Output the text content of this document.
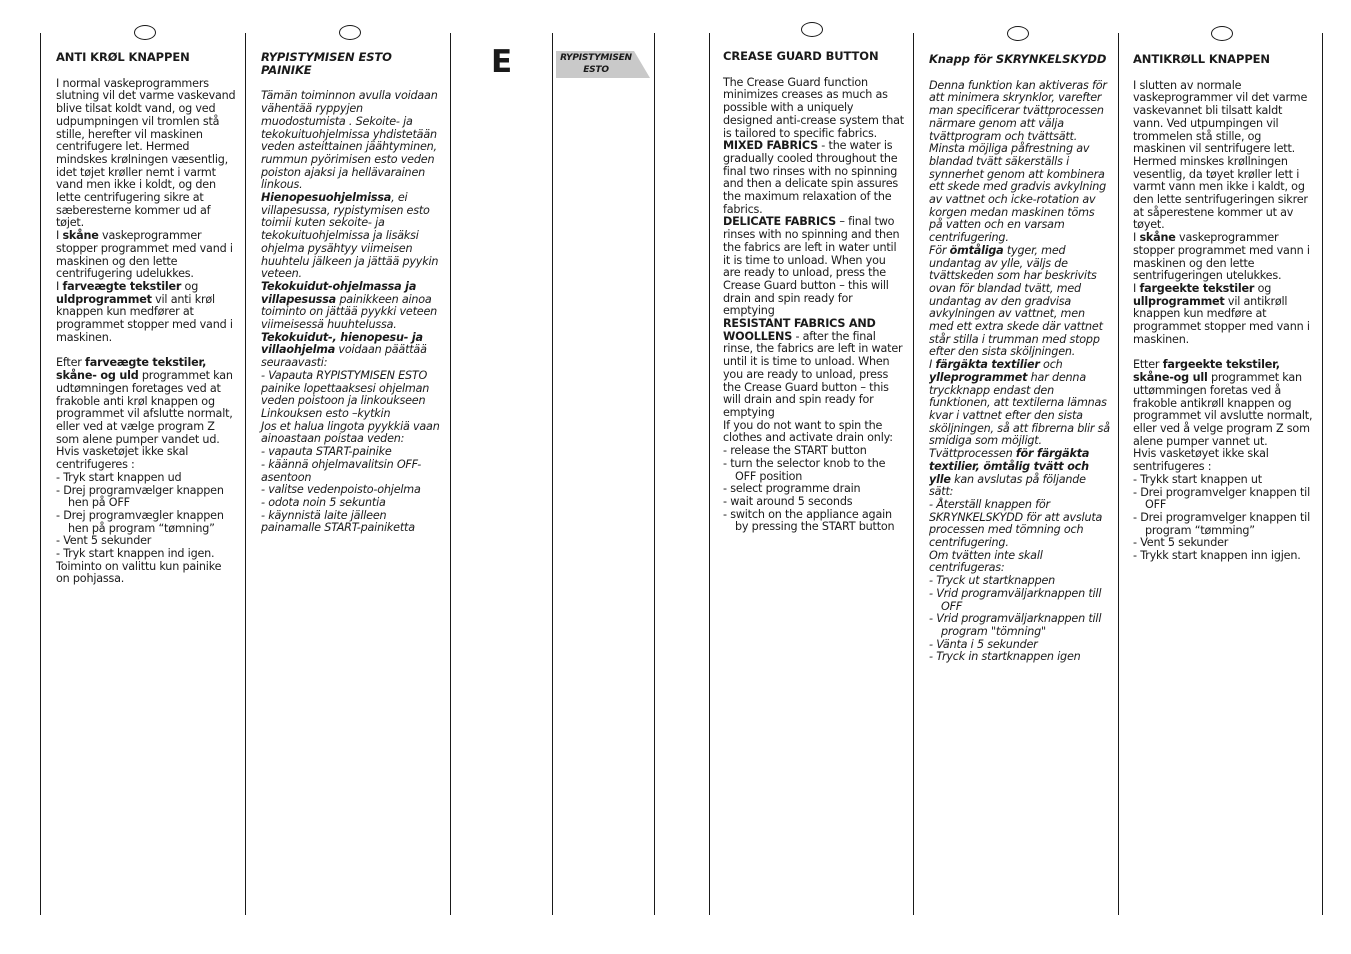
E	RYPISTYMISEN
ESTO

ANTI KRØL KNAPPEN

I normal vaskeprogrammers slutning vil det varme vaskevand blive tilsat koldt vand, og ved udpumpningen vil tromlen stå stille, herefter vil maskinen centrifugere let. Hermed mindskes krølningen væsentlig, idet tøjet krøller nemt i varmt vand men ikke i koldt, og den lette centrifugering sikre at sæberesterne kommer ud af tøjet.

I skåne vaskeprogrammer stopper programmet med vand i maskinen og den lette centrifugering udelukkes.

I farveægte tekstiler og uldprogrammet vil anti krøl knappen kun medfører at programmet stopper med vand i maskinen.

Efter farveægte tekstiler, skåne- og uld programmet kan udtømningen foretages ved at frakoble anti krøl knappen og programmet vil afslutte normalt, eller ved at vælge program Z som alene pumper vandet ud.

Hvis vasketøjet ikke skal centrifugeres :

- Tryk start knappen ud
- Drej programvælger knappen hen på OFF
- Drej programvægler knappen hen på program “tømning”
- Vent 5 sekunder
- Tryk start knappen ind igen.

Toiminto on valittu kun painike on pohjassa.

RYPISTYMISEN ESTO PAINIKE

Tämän toiminnon avulla voidaan vähentää ryppyjen muodostumista . Sekoite- ja tekokuituohjelmissa yhdistetään veden asteittainen jäähtyminen, rummun pyörimisen esto veden poiston ajaksi ja hellävarainen linkous.

Hienopesuohjelmissa, ei villapesussa, rypistymisen esto toimii kuten sekoite- ja tekokuituohjelmissa ja lisäksi ohjelma pysähtyy viimeisen huuhtelu jälkeen ja jättää pyykin veteen.

Tekokuidut-ohjelmassa ja villapesussa painikkeen ainoa toiminto on jättää pyykki veteen viimeisessä huuhtelussa.

Tekokuidut-, hienopesu- ja villaohjelma voidaan päättää seuraavasti:

- Vapauta RYPISTYMISEN ESTO painike lopettaaksesi ohjelman veden poistoon ja linkoukseen
Linkouksen esto –kytkin
Jos et halua lingota pyykkiä vaan ainoastaan poistaa veden:
- vapauta START-painike
- käännä ohjelmavalitsin OFF-asentoon
- valitse vedenpoisto-ohjelma
- odota noin 5 sekuntia
- käynnistä laite jälleen painamalle START-painiketta

CREASE GUARD BUTTON

The Crease Guard function minimizes creases as much as possible with a uniquely designed anti-crease system that is tailored to specific fabrics.

MIXED FABRICS - the water is gradually cooled throughout the final two rinses with no spinning and then a delicate spin assures the maximum relaxation of the fabrics.

DELICATE FABRICS – final two rinses with no spinning and then the fabrics are left in water until it is time to unload. When you are ready to unload, press the Crease Guard button – this will drain and spin ready for emptying

RESISTANT FABRICS AND WOOLLENS - after the final rinse, the fabrics are left in water until it is time to unload. When you are ready to unload, press the Crease Guard button – this will drain and spin ready for emptying

If you do not want to spin the clothes and activate drain only:

- release the START button
- turn the selector knob to the OFF position
- select programme drain
- wait around 5 seconds
- switch on the appliance again by pressing the START button

Knapp för SKRYNKELSKYDD

Denna funktion kan aktiveras för att minimera skrynklor, varefter man specificerar tvättprocessen närmare genom att välja tvättprogram och tvättsätt. Minsta möjliga påfrestning av blandad tvätt säkerställs i synnerhet genom att kombinera ett skede med gradvis avkylning av vattnet och icke-rotation av korgen medan maskinen töms på vatten och en varsam centrifugering.

För ömtåliga tyger, med undantag av ylle, väljs de tvättskeden som har beskrivits ovan för blandad tvätt, med undantag av den gradvisa avkylningen av vattnet, men med ett extra skede där vattnet står stilla i trumman med stopp efter den sista sköljningen.

I färgäkta textilier och ylleprogrammet har denna tryckknapp endast den funktionen, att textilerna lämnas kvar i vattnet efter den sista sköljningen, så att fibrerna blir så smidiga som möjligt.

Tvättprocessen för färgäkta textilier, ömtålig tvätt och ylle kan avslutas på följande sätt:

- Återställ knappen för SKRYNKELSKYDD för att avsluta processen med tömning och centrifugering.

Om tvätten inte skall centrifugeras:

- Tryck ut startknappen
- Vrid programväljarknappen till OFF
- Vrid programväljarknappen till program "tömning"
- Vänta i 5 sekunder
- Tryck in startknappen igen

ANTIKRØLL KNAPPEN

I slutten av normale vaskeprogrammer vil det varme vaskevannet bli tilsatt kaldt vann. Ved utpumpingen vil trommelen stå stille, og maskinen vil sentrifugere lett.

Hermed minskes krøllningen vesentlig, da tøyet krøller lett i varmt vann men ikke i kaldt, og den lette sentrifugeringen sikrer at såperestene kommer ut av tøyet.

I skåne vaskeprogrammer stopper programmet med vann i maskinen og den lette sentrifugeringen utelukkes.

I fargeekte tekstiler og ullprogrammet vil antikrøll knappen kun medføre at programmet stopper med vann i maskinen.

Etter fargeekte tekstiler, skåne-og ull programmet kan uttømmingen foretas ved å frakoble antikrøll knappen og programmet vil avslutte normalt, eller ved å velge program Z som alene pumper vannet ut.

Hvis vasketøyet ikke skal sentrifugeres :

- Trykk start knappen ut
- Drei programvelger knappen til OFF
- Drei programvelger knappen til program “tømming”
- Vent 5 sekunder
- Trykk start knappen inn igjen.
